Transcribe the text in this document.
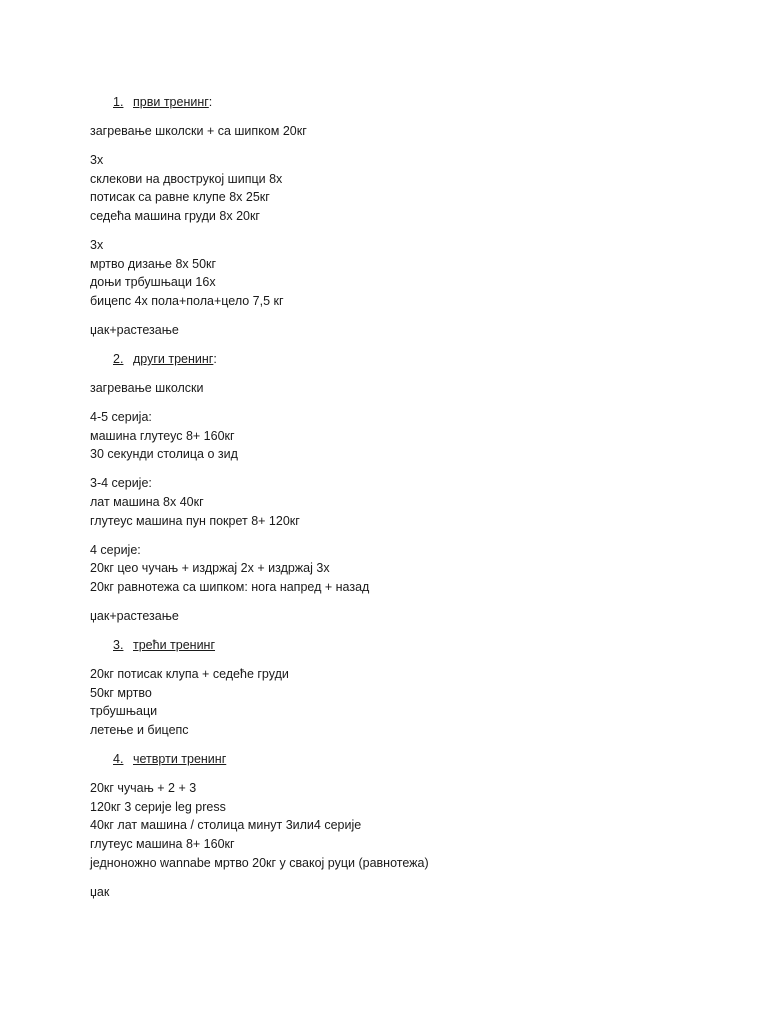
1. први тренинг:
загревање школски + са шипком 20кг
3х
склекови на двострукој шипци 8х
потисак са равне клупе 8х 25кг
седећа машина груди 8х 20кг
3х
мртво дизање 8х 50кг
доњи трбушњаци 16х
бицепс 4х пола+пола+цело 7,5 кг
џак+растезање
2. други тренинг:
загревање школски
4-5 серија:
машина глутеус 8+ 160кг
30 секунди столица о зид
3-4 серије:
лат машина 8х 40кг
глутеус машина пун покрет 8+ 120кг
4 серије:
20кг цео чучањ + издржај 2х + издржај 3х
20кг равнотежа са шипком: нога напред + назад
џак+растезање
3. трећи тренинг
20кг потисак клупа + седеће груди
50кг мртво
трбушњаци
летење и бицепс
4. четврти тренинг
20кг чучањ + 2 + 3
120кг 3 серије leg press
40кг лат машина / столица минут 3или4 серије
глутеус машина 8+ 160кг
једноножно wannabe мртво 20кг у свакој руци (равнотежа)
џак
